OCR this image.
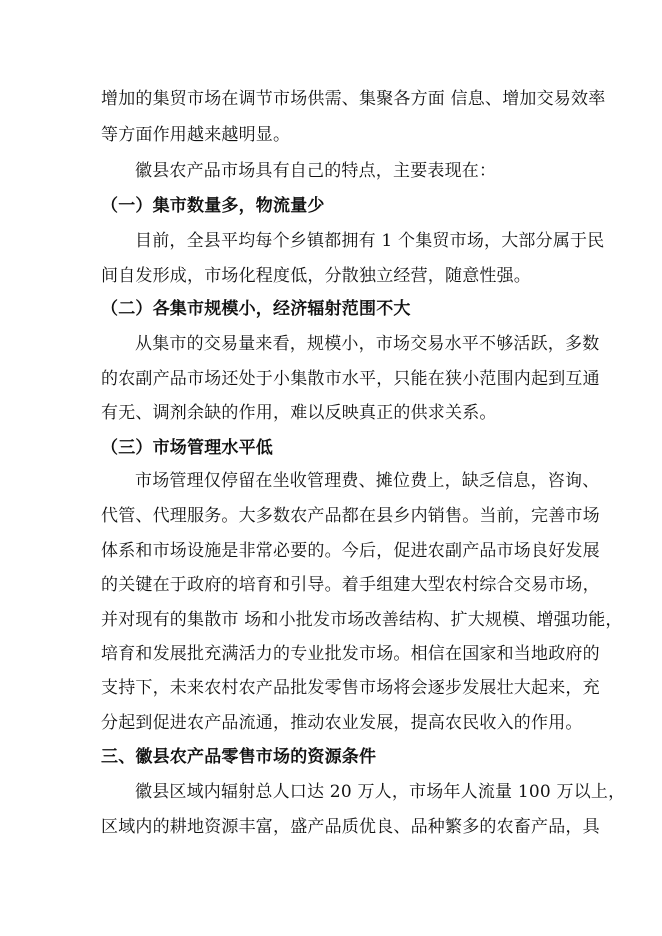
增加的集贸市场在调节市场供需、集聚各方面 信息、增加交易效率
等方面作用越来越明显。
徽县农产品市场具有自己的特点，主要表现在：
（一）集市数量多，物流量少
目前，全县平均每个乡镇都拥有 1 个集贸市场，大部分属于民
间自发形成，市场化程度低，分散独立经营，随意性强。
（二）各集市规模小，经济辐射范围不大
从集市的交易量来看，规模小，市场交易水平不够活跃，多数
的农副产品市场还处于小集散市水平，只能在狭小范围内起到互通
有无、调剂余缺的作用，难以反映真正的供求关系。
（三）市场管理水平低
市场管理仅停留在坐收管理费、摊位费上，缺乏信息，咨询、
代管、代理服务。大多数农产品都在县乡内销售。当前，完善市场
体系和市场设施是非常必要的。今后，促进农副产品市场良好发展
的关键在于政府的培育和引导。着手组建大型农村综合交易市场，
并对现有的集散市 场和小批发市场改善结构、扩大规模、增强功能，
培育和发展批充满活力的专业批发市场。相信在国家和当地政府的
支持下，未来农村农产品批发零售市场将会逐步发展壮大起来，充
分起到促进农产品流通，推动农业发展，提高农民收入的作用。
三、徽县农产品零售市场的资源条件
徽县区域内辐射总人口达 20 万人，市场年人流量 100 万以上，
区域内的耕地资源丰富，盛产品质优良、品种繁多的农畜产品，具
